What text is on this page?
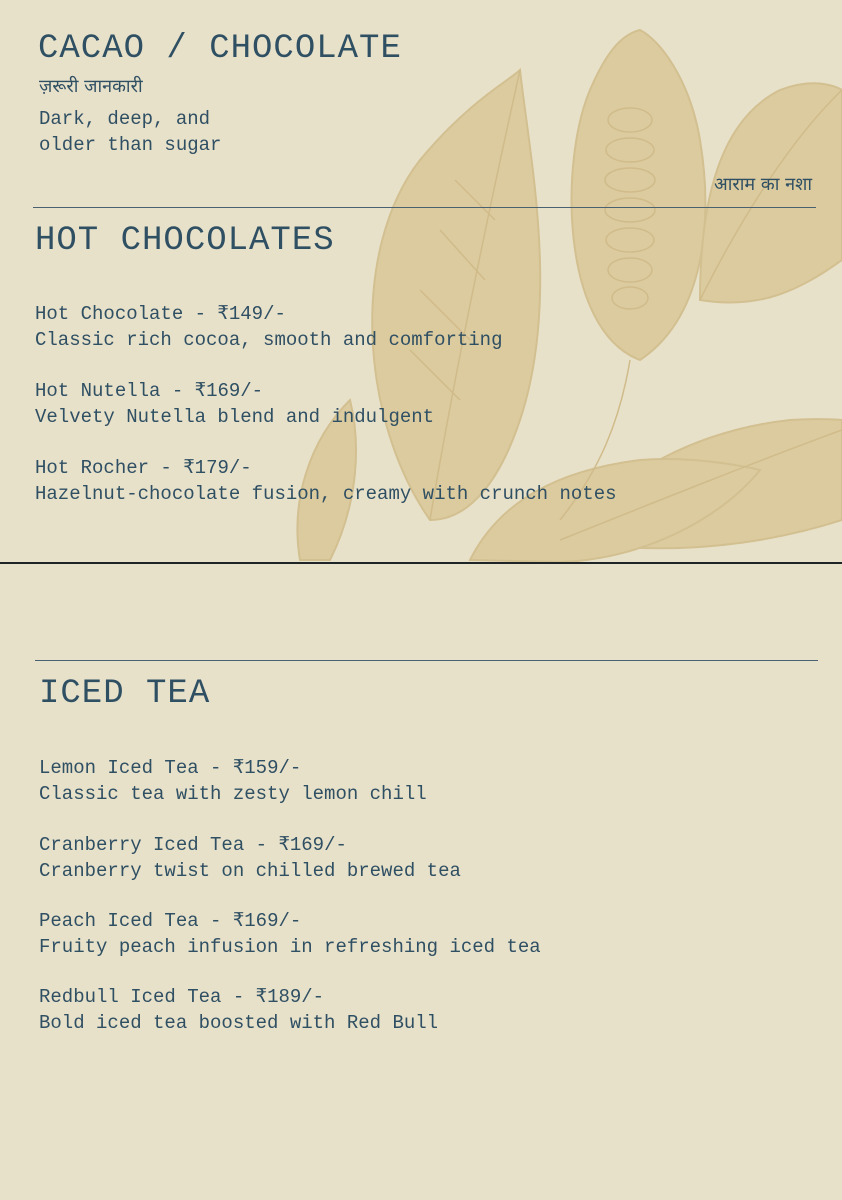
CACAO / CHOCOLATE
ज़रूरी जानकारी
Dark, deep, and
older than sugar
आराम का नशा
HOT CHOCOLATES
Hot Chocolate - ₹149/-
Classic rich cocoa, smooth and comforting
Hot Nutella - ₹169/-
Velvety Nutella blend and indulgent
Hot Rocher - ₹179/-
Hazelnut-chocolate fusion, creamy with crunch notes
ICED TEA
Lemon Iced Tea - ₹159/-
Classic tea with zesty lemon chill
Cranberry Iced Tea - ₹169/-
Cranberry twist on chilled brewed tea
Peach Iced Tea - ₹169/-
Fruity peach infusion in refreshing iced tea
Redbull Iced Tea - ₹189/-
Bold iced tea boosted with Red Bull
